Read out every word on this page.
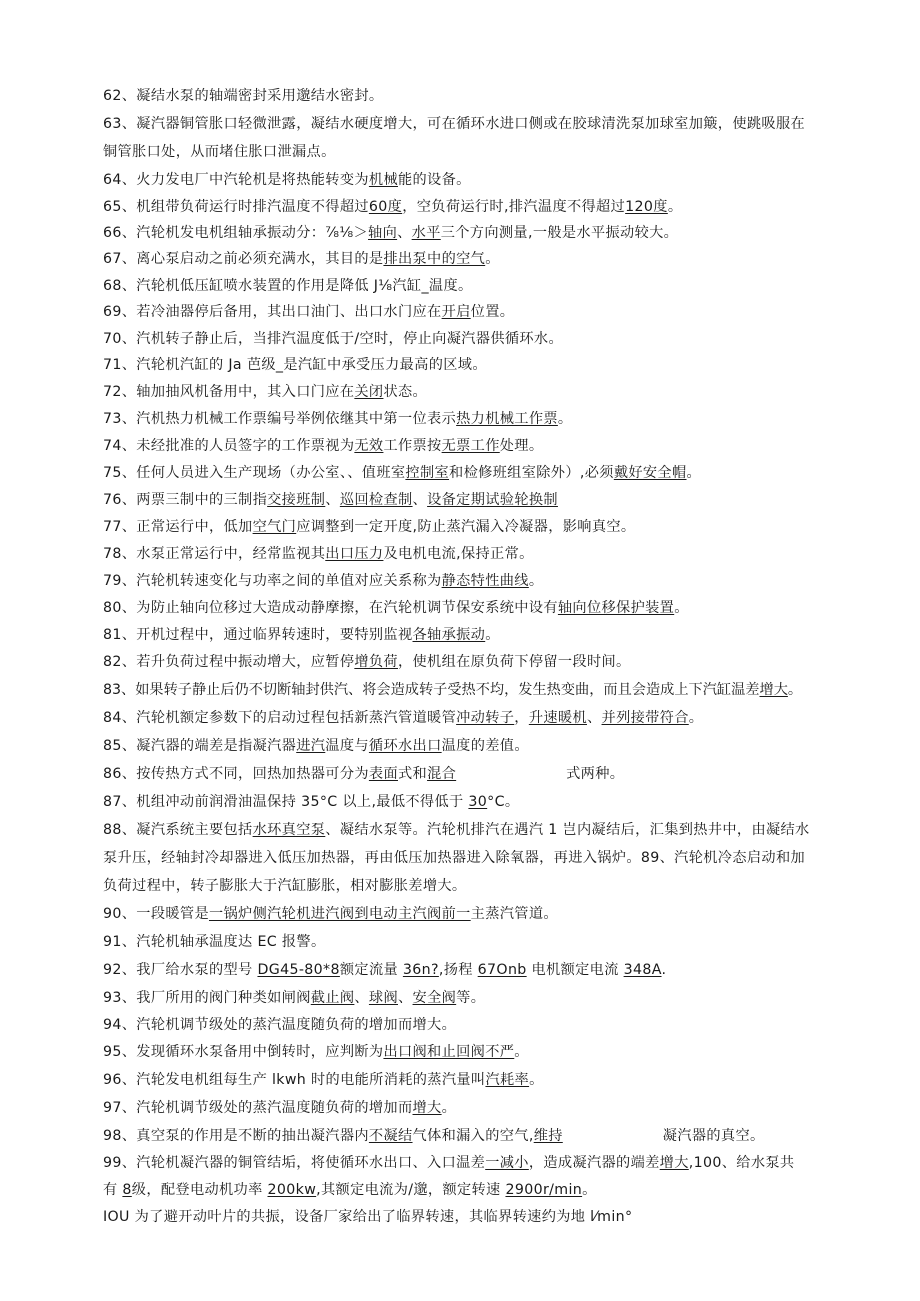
62、凝结水泵的轴端密封采用邈结水密封。
63、凝汽器铜管胀口轻微泄露，凝结水硬度增大，可在循环水进口侧或在胶球清洗泵加球室加簸，使跳吸服在
铜管胀口处，从而堵住胀口泄漏点。
64、火力发电厂中汽轮机是将热能转变为机械能的设备。
65、机组带负荷运行时排汽温度不得超过60度，空负荷运行时,排汽温度不得超过120度。
66、汽轮机发电机组轴承振动分：⅞⅛＞轴向、水平三个方向测量,一般是水平振动较大。
67、离心泵启动之前必须充满水，其目的是排出泵中的空气。
68、汽轮机低压缸喷水装置的作用是降低 J⅛汽缸_温度。
69、若冷油器停后备用，其出口油门、出口水门应在开启位置。
70、汽机转子静止后，当排汽温度低于/空时，停止向凝汽器供循环水。
71、汽轮机汽缸的 Ja 芭级_是汽缸中承受压力最高的区域。
72、轴加抽风机备用中，其入口门应在关闭状态。
73、汽机热力机械工作票编号举例依继其中第一位表示热力机械工作票。
74、未经批准的人员签字的工作票视为无效工作票按无票工作处理。
75、任何人员进入生产现场（办公室、、值班室控制室和检修班组室除外）,必须戴好安全帽。
76、两票三制中的三制指交接班制、巡回检查制、设备定期试验轮换制
77、正常运行中，低加空气门应调整到一定开度,防止蒸汽漏入冷凝器，影响真空。
78、水泵正常运行中，经常监视其出口压力及电机电流,保持正常。
79、汽轮机转速变化与功率之间的单值对应关系称为静态特性曲线。
80、为防止轴向位移过大造成动静摩擦，在汽轮机调节保安系统中设有轴向位移保护装置。
81、开机过程中，通过临界转速时，要特别监视各轴承振动。
82、若升负荷过程中振动增大，应暂停增负荷，使机组在原负荷下停留一段时间。
83、如果转子静止后仍不切断轴封供汽、将会造成转子受热不均，发生热变曲，而且会造成上下汽缸温差增大。
84、汽轮机额定参数下的启动过程包括新蒸汽管道暖管冲动转子，升速暖机、并列接带符合。
85、凝汽器的端差是指凝汽器进汽温度与循环水出口温度的差值。
86、按传热方式不同，回热加热器可分为表面式和混合	式两种。
87、机组冲动前润滑油温保持 35°C 以上,最低不得低于 30°C。
88、凝汽系统主要包括水环真空泵、凝结水泵等。汽轮机排汽在遇汽 1 岂内凝结后，汇集到热井中，由凝结水
泵升压，经轴封冷却器进入低压加热器，再由低压加热器进入除氧器，再进入锅炉。89、汽轮机冷态启动和加
负荷过程中，转子膨胀大于汽缸膨胀，相对膨胀差增大。
90、一段暖管是一锅炉侧汽轮机进汽阀到电动主汽阀前一主蒸汽管道。
91、汽轮机轴承温度达 EC 报警。
92、我厂给水泵的型号 DG45-80*8额定流量 36n?,扬程 67Onb 电机额定电流 348A.
93、我厂所用的阀门种类如闸阀截止阀、球阀、安全阀等。
94、汽轮机调节级处的蒸汽温度随负荷的增加而增大。
95、发现循环水泵备用中倒转时，应判断为出口阀和止回阀不严。
96、汽轮发电机组每生产 lkwh 时的电能所消耗的蒸汽量叫汽耗率。
97、汽轮机调节级处的蒸汽温度随负荷的增加而增大。
98、真空泵的作用是不断的抽出凝汽器内不凝结气体和漏入的空气,维持	凝汽器的真空。
99、汽轮机凝汽器的铜管结垢，将使循环水出口、入口温差一减小，造成凝汽器的端差增大,100、给水泵共
有 8级，配登电动机功率 200kw,其额定电流为/邈，额定转速 2900r/min。
IOU 为了避开动叶片的共振，设备厂家给出了临界转速，其临界转速约为地 l⁄min°
